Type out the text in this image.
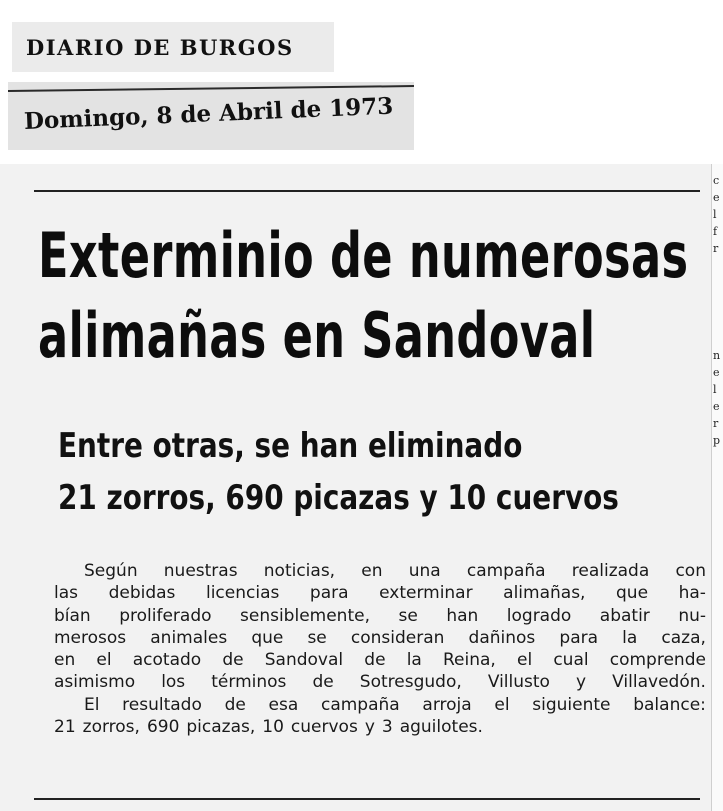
DIARIO DE BURGOS
Domingo, 8 de Abril de 1973
Exterminio de numerosas
alimañas en Sandoval
Entre otras, se han eliminado
21 zorros, 690 picazas y 10 cuervos
Según nuestras noticias, en una campaña realizada con
las debidas licencias para exterminar alimañas, que ha-
bían proliferado sensiblemente, se han logrado abatir nu-
merosos animales que se consideran dañinos para la caza,
en el acotado de Sandoval de la Reina, el cual comprende
asimismo los términos de Sotresgudo, Villusto y Villavedón.
El resultado de esa campaña arroja el siguiente balance:
21 zorros, 690 picazas, 10 cuervos y 3 aguilotes.
c
e
l
f
r
n
e
l
e
r
p
